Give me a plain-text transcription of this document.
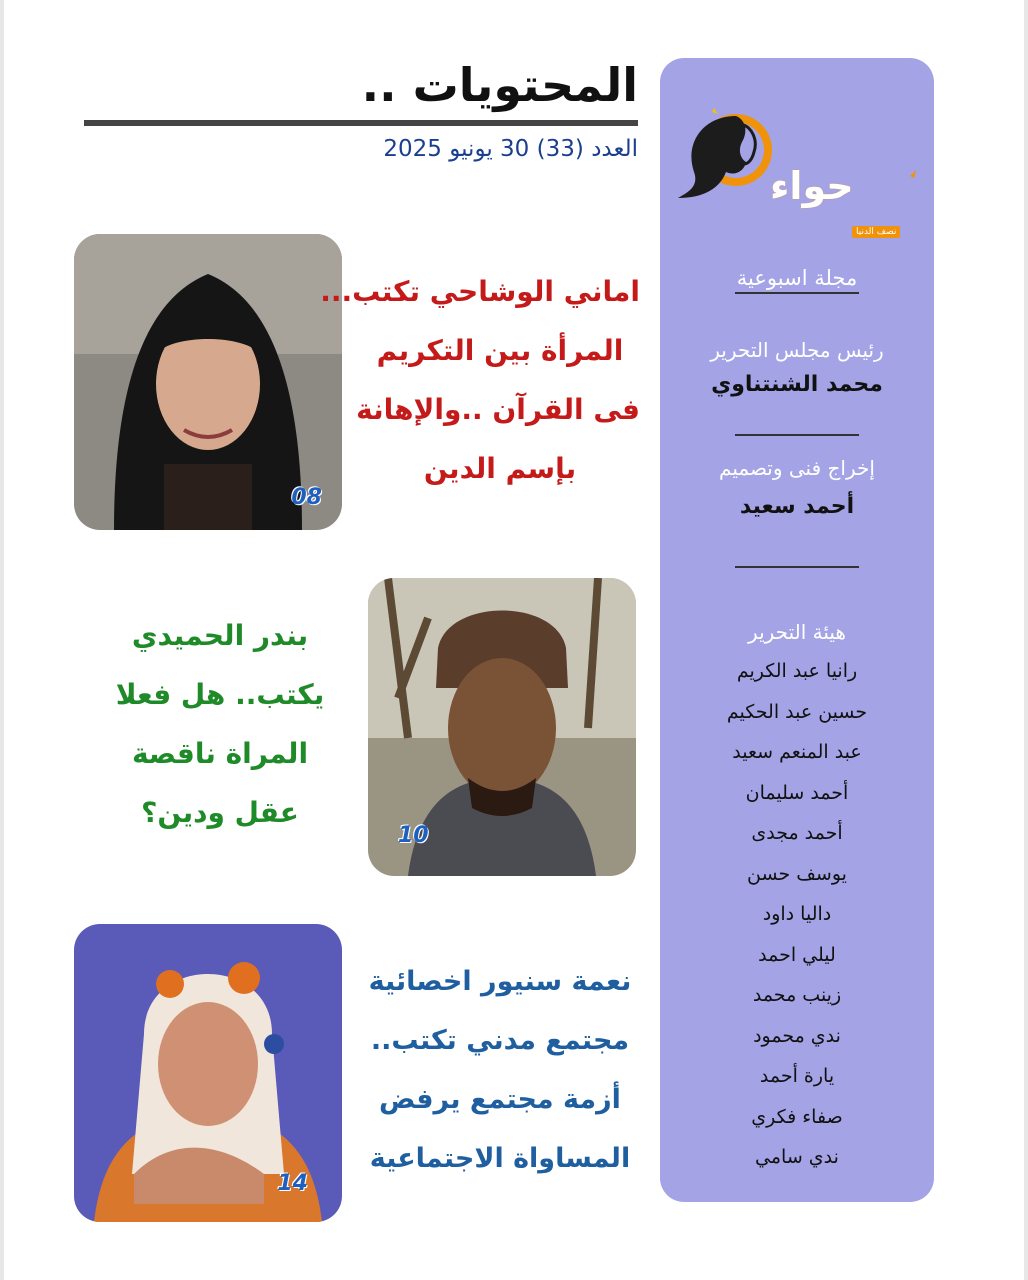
المحتويات ..
العدد (33) 30 يونيو 2025
حواء
نصف الدنيا
مجلة اسبوعية
رئيس مجلس التحرير
محمد الشنتناوي
إخراج فنى وتصميم
أحمد سعيد
هيئة التحرير
رانيا عبد الكريم
حسين عبد الحكيم
عبد المنعم سعيد
أحمد سليمان
أحمد مجدى
يوسف حسن
داليا داود
ليلي احمد
زينب محمد
ندي محمود
يارة أحمد
صفاء فكري
ندي سامي
08
اماني الوشاحي تكتب...
المرأة بين التكريم
فى القرآن ..والإهانة
بإسم الدين
10
بندر الحميدي
يكتب.. هل فعلا
المراة ناقصة
عقل ودين؟
14
نعمة سنيور اخصائية
مجتمع مدني تكتب..
أزمة مجتمع يرفض
المساواة الاجتماعية
